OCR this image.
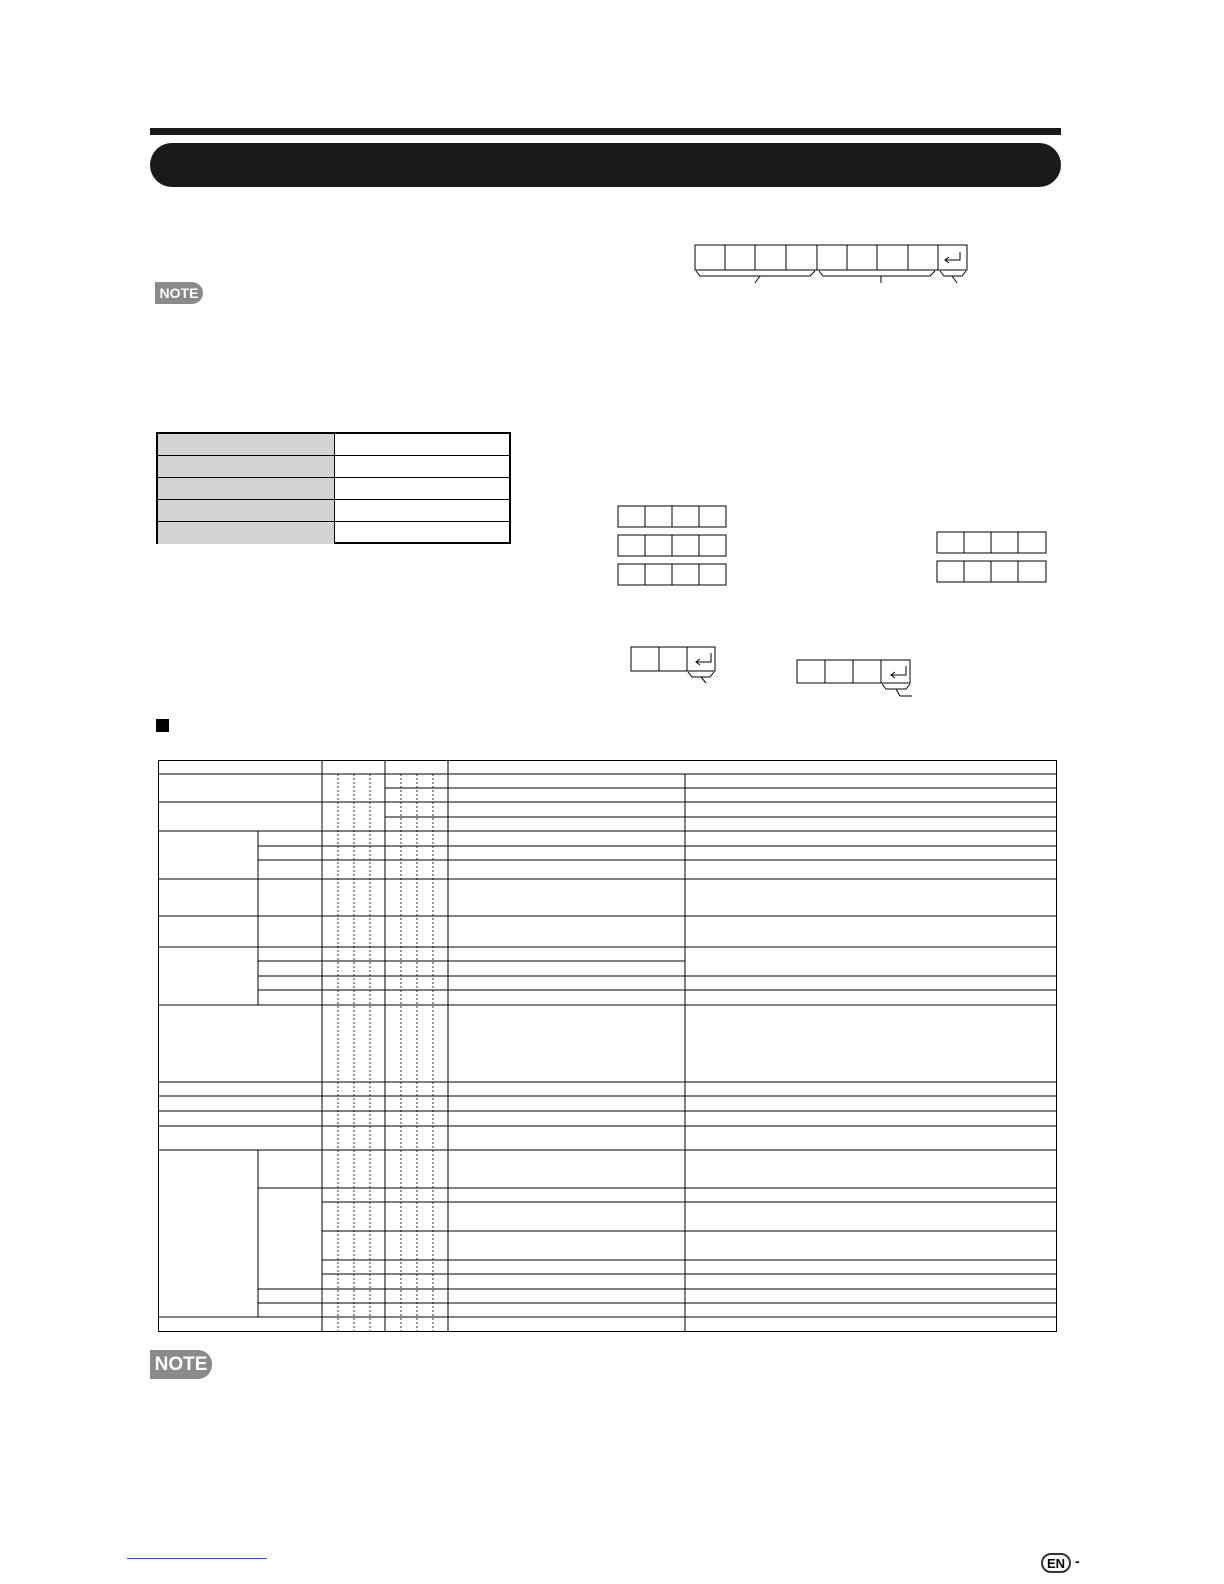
NOTE
NOTE
EN -
